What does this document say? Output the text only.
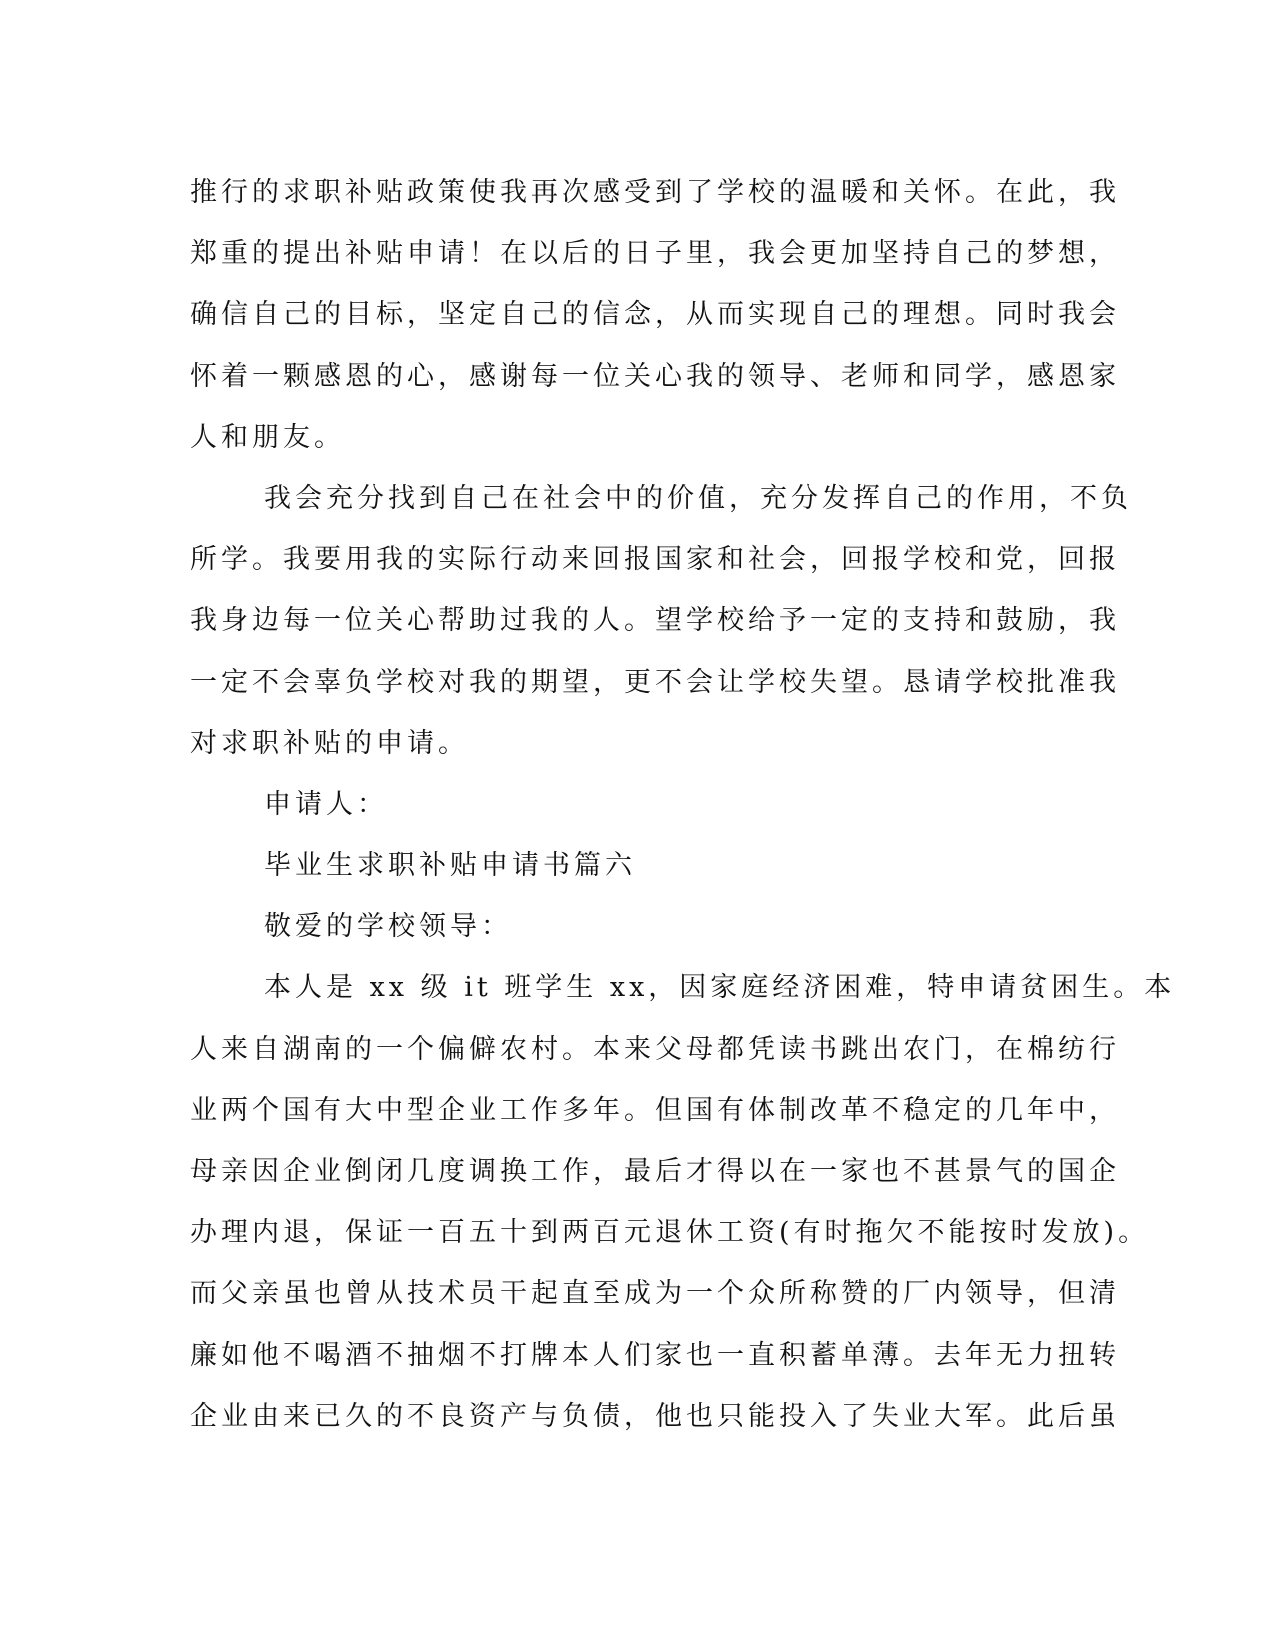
推行的求职补贴政策使我再次感受到了学校的温暖和关怀。在此，我
郑重的提出补贴申请！在以后的日子里，我会更加坚持自己的梦想，
确信自己的目标，坚定自己的信念，从而实现自己的理想。同时我会
怀着一颗感恩的心，感谢每一位关心我的领导、老师和同学，感恩家
人和朋友。
我会充分找到自己在社会中的价值，充分发挥自己的作用，不负
所学。我要用我的实际行动来回报国家和社会，回报学校和党，回报
我身边每一位关心帮助过我的人。望学校给予一定的支持和鼓励，我
一定不会辜负学校对我的期望，更不会让学校失望。恳请学校批准我
对求职补贴的申请。
申请人：
毕业生求职补贴申请书篇六
敬爱的学校领导：
本人是 xx 级 it 班学生 xx，因家庭经济困难，特申请贫困生。本
人来自湖南的一个偏僻农村。本来父母都凭读书跳出农门，在棉纺行
业两个国有大中型企业工作多年。但国有体制改革不稳定的几年中，
母亲因企业倒闭几度调换工作，最后才得以在一家也不甚景气的国企
办理内退，保证一百五十到两百元退休工资(有时拖欠不能按时发放)。
而父亲虽也曾从技术员干起直至成为一个众所称赞的厂内领导，但清
廉如他不喝酒不抽烟不打牌本人们家也一直积蓄单薄。去年无力扭转
企业由来已久的不良资产与负债，他也只能投入了失业大军。此后虽
